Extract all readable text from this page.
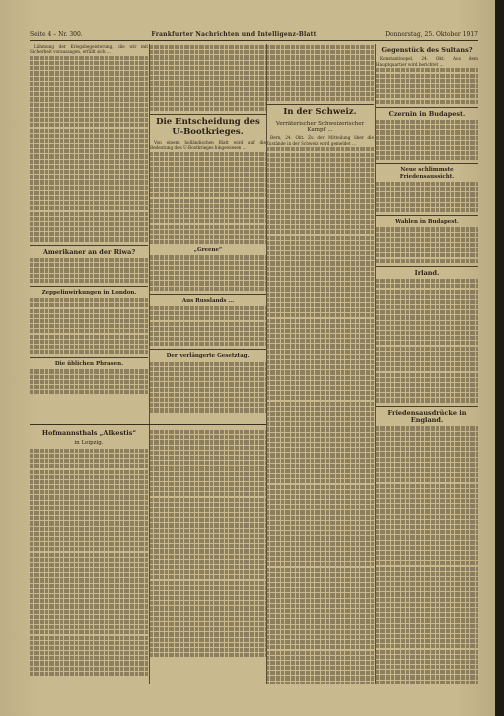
Seite 4 – Nr. 300.	Frankfurter Nachrichten und Intelligenz-Blatt	Donnerstag, 25. Oktober 1917

Lähmung der Kriegsbegeisterung, die wir mit Sicherheit voraussagen, erfüllt sich ...

Amerikaner an der Riwa?
Zeppelinwirkungen in London.
Die üblichen Phrasen.
Die Entscheidung des U-Bootkrieges.

Von einem holländischen Blatt wird auf die Bedeutung des U-Bootkrieges hingewiesen ...

„Greene“
Aus Russlands ...
Der verlängerte Gesetztag.
Hofmannsthals „Alkestis“
in Leipzig.
In der Schweiz.
Verräterischer Schweizerischer Kampf ...

Bern, 24. Okt. Zu der Mitteilung über die Zustände in der Schweiz wird gemeldet ...

Gegenstück des Sultans?

Konstantinopel, 24. Okt. Aus dem Hauptquartier wird berichtet ...

Czernin in Budapest.
Neue schlimmste Friedensaussicht.
Wahlen in Budapest.
Irland.
Friedensausdrücke in England.
